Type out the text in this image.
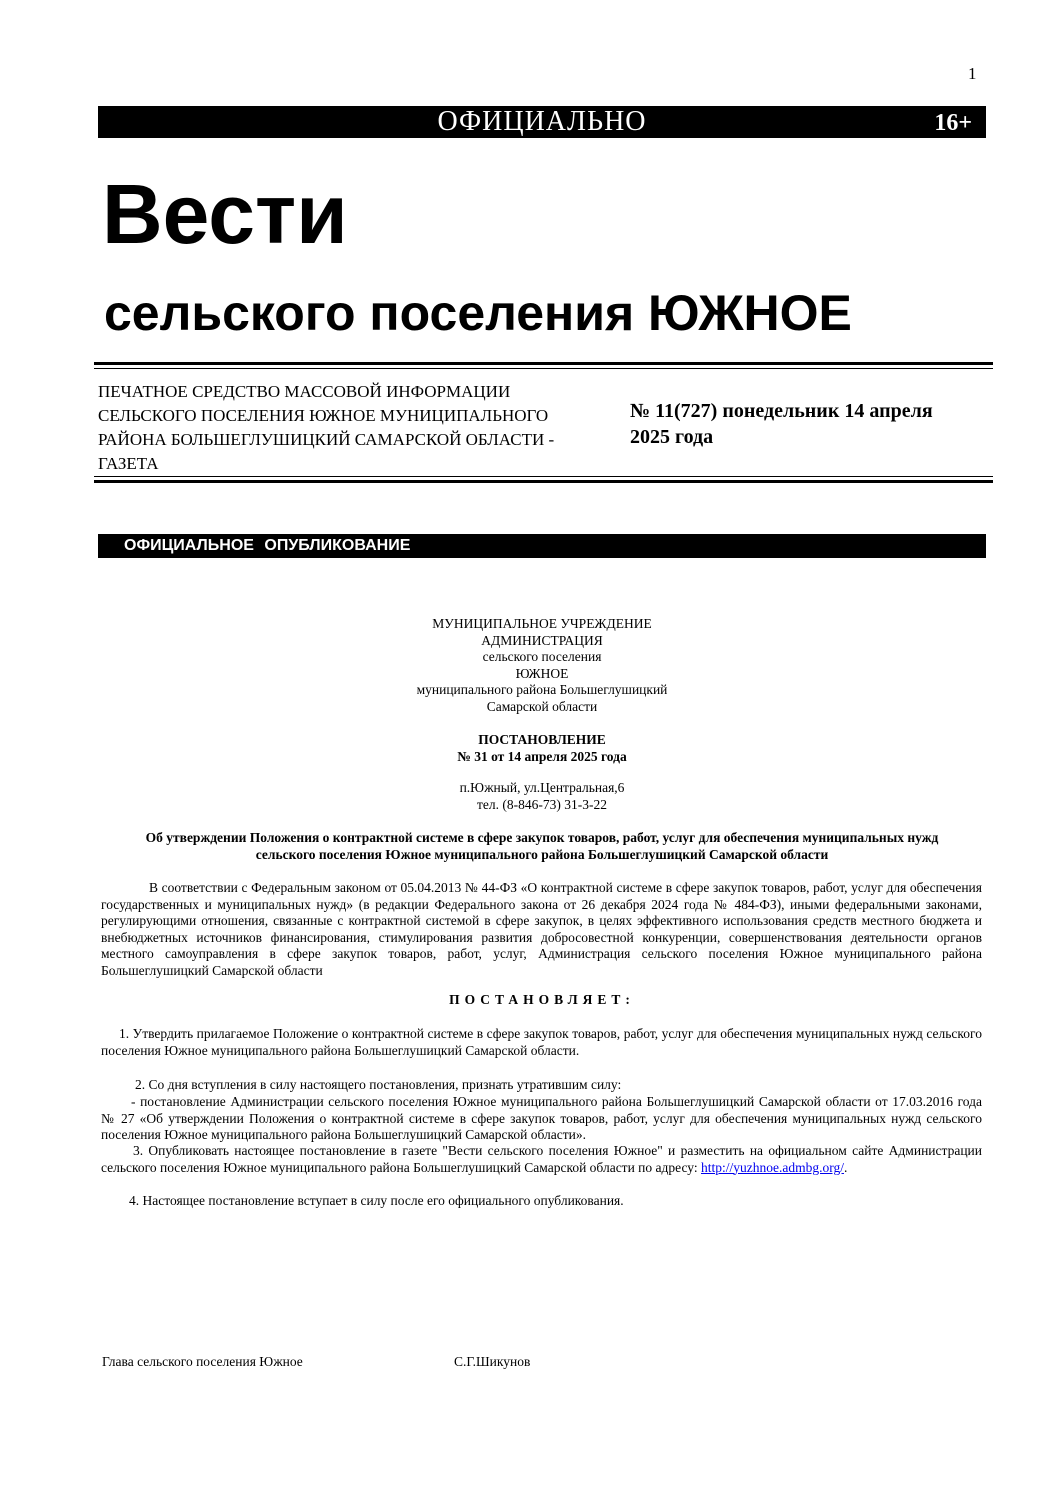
1
ОФИЦИАЛЬНО	16+
Вести
сельского поселения ЮЖНОЕ
ПЕЧАТНОЕ СРЕДСТВО МАССОВОЙ ИНФОРМАЦИИ
СЕЛЬСКОГО ПОСЕЛЕНИЯ ЮЖНОЕ МУНИЦИПАЛЬНОГО
РАЙОНА БОЛЬШЕГЛУШИЦКИЙ САМАРСКОЙ ОБЛАСТИ -
ГАЗЕТА
№ 11(727) понедельник 14 апреля
2025 года
ОФИЦИАЛЬНОЕ ОПУБЛИКОВАНИЕ
МУНИЦИПАЛЬНОЕ УЧРЕЖДЕНИЕ
АДМИНИСТРАЦИЯ
сельского поселения
ЮЖНОЕ
муниципального района Большеглушицкий
Самарской области
ПОСТАНОВЛЕНИЕ
№ 31 от 14 апреля 2025 года
п.Южный, ул.Центральная,6
тел. (8-846-73) 31-3-22
Об утверждении Положения о контрактной системе в сфере закупок товаров, работ, услуг для обеспечения муниципальных нужд
сельского поселения Южное муниципального района Большеглушицкий Самарской области
В соответствии с Федеральным законом от 05.04.2013 № 44-ФЗ «О контрактной системе в сфере закупок товаров, работ, услуг для обеспечения государственных и муниципальных нужд» (в редакции Федерального закона от 26 декабря 2024 года № 484-ФЗ), иными федеральными законами, регулирующими отношения, связанные с контрактной системой в сфере закупок, в целях эффективного использования средств местного бюджета и внебюджетных источников финансирования, стимулирования развития добросовестной конкуренции, совершенствования деятельности органов местного самоуправления в сфере закупок товаров, работ, услуг, Администрация сельского поселения Южное муниципального района Большеглушицкий Самарской области
ПОСТАНОВЛЯЕТ:
1. Утвердить прилагаемое Положение о контрактной системе в сфере закупок товаров, работ, услуг для обеспечения муниципальных нужд сельского поселения Южное муниципального района Большеглушицкий Самарской области.
2. Со дня вступления в силу настоящего постановления, признать утратившим силу:
- постановление Администрации сельского поселения Южное муниципального района Большеглушицкий Самарской области от 17.03.2016 года № 27 «Об утверждении Положения о контрактной системе в сфере закупок товаров, работ, услуг для обеспечения муниципальных нужд сельского поселения Южное муниципального района Большеглушицкий Самарской области».
3. Опубликовать настоящее постановление в газете "Вести сельского поселения Южное" и разместить на официальном сайте Администрации сельского поселения Южное муниципального района Большеглушицкий Самарской области по адресу: http://yuzhnoe.admbg.org/.
4. Настоящее постановление вступает в силу после его официального опубликования.
Глава сельского поселения Южное	С.Г.Шикунов
